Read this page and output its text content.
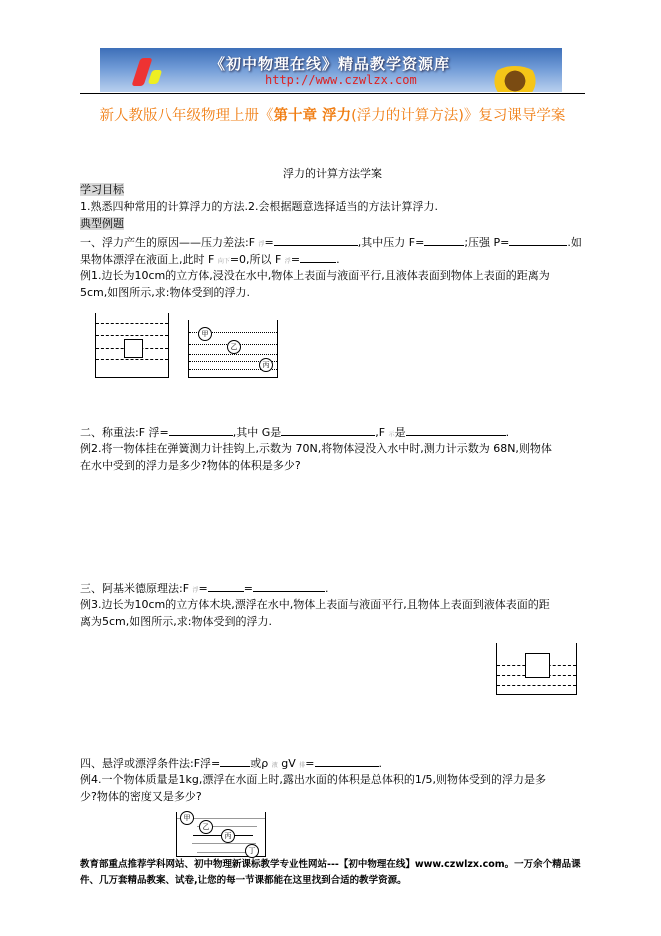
《初中物理在线》精品教学资源库
http://www.czwlzx.com
新人教版八年级物理上册《第十章 浮力(浮力的计算方法)》复习课导学案
浮力的计算方法学案
学习目标
1.熟悉四种常用的计算浮力的方法.2.会根据题意选择适当的方法计算浮力.
典型例题
一、浮力产生的原因——压力差法:F 浮=	,其中压力 F=	;压强 P=	.如
果物体漂浮在液面上,此时 F 向下=0,所以 F 浮=	.
例1.边长为10cm的立方体,浸没在水中,物体上表面与液面平行,且液体表面到物体上表面的距离为
5cm,如图所示,求:物体受到的浮力.
甲
乙
丙
二、称重法:F 浮=	,其中 G是	,F 示是	.
例2.将一物体挂在弹簧测力计挂钩上,示数为 70N,将物体浸没入水中时,测力计示数为 68N,则物体
在水中受到的浮力是多少?物体的体积是多少?
三、阿基米德原理法:F 浮=	=	.
例3.边长为10cm的立方体木块,漂浮在水中,物体上表面与液面平行,且物体上表面到液体表面的距
离为5cm,如图所示,求:物体受到的浮力.
四、悬浮或漂浮条件法:F浮=	或ρ 液 gV 排=	.
例4.一个物体质量是1kg,漂浮在水面上时,露出水面的体积是总体积的1/5,则物体受到的浮力是多
少?物体的密度又是多少?
甲
乙
丙
丁
教育部重点推荐学科网站、初中物理新课标教学专业性网站---【初中物理在线】www.czwlzx.com。一万余个精品课
件、几万套精品教案、试卷,让您的每一节课都能在这里找到合适的教学资源。
